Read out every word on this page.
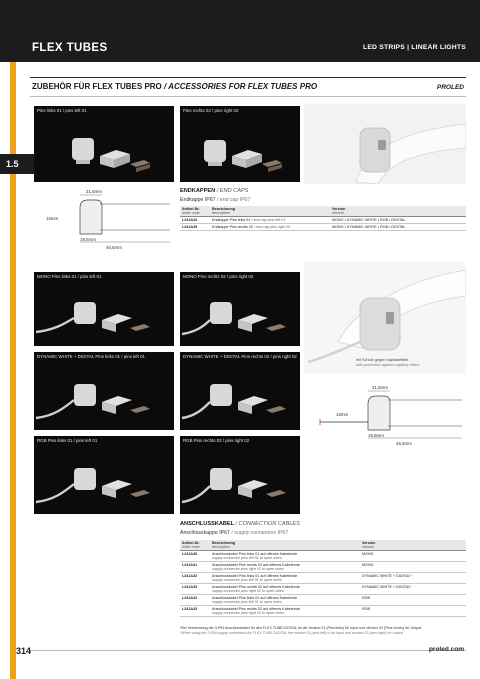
FLEX TUBES	LED STRIPS | LINEAR LIGHTS
1.5
ZUBEHÖR FÜR FLEX TUBES PRO / ACCESSORIES FOR FLEX TUBES PRO	PROLED
Pins links 01 / pins left 01	Pins rechts 02 / pins right 02
21,5mm
16mm
19,5mm
46,5mm
ENDKAPPEN / END CAPS
Endkappe IP67 / end cap IP67
Artikel-Nr.
order code	Bezeichnung
description	Version
version

L241A34	Endkappe Pins links 01 / end cap pins left 01	MONO • DYNAMIC WHITE • RGB • DIGITAL
L241A35	Endkappe Pins rechts 02 / end cap pins right 02	MONO • DYNAMIC WHITE • RGB • DIGITAL
MONO Pins links 01 / pins left 01	MONO Pins rechts 02 / pins right 02
DYNAMIC WHITE + DIGITAL Pins links 01 / pins left 01	DYNAMIC WHITE + DIGITAL Pins rechts 02 / pins right 02
RGB Pins links 01 / pins left 01	RGB Pins rechts 02 / pins right 02
mit Schutz gegen Kapillareffekt
with protection against capillary effect
21,5mm
16mm
19,5mm
46,5mm
ANSCHLUSSKABEL / CONNECTION CABLES
Anschlusskappe IP67 / supply connectors IP67
Artikel-Nr.
order code	Bezeichnung
description	Version
version

L241A30	Anschlusskabel Pins links 01 auf offenes Kabelende
supply connector pins left 01 to open wires	MONO
L241A31	Anschlusskabel Pins rechts 02 auf offenes Kabelende
supply connector pins right 02 to open wires	MONO
L241A32	Anschlusskabel Pins links 01 auf offenes Kabelende
supply connector pins left 01 to open wires	DYNAMIC WHITE + DIGITAL*
L241A33	Anschlusskabel Pins rechts 02 auf offenes Kabelende
supply connector pins right 02 to open wires	DYNAMIC WHITE + DIGITAL*
L241A32	Anschlusskabel Pins links 01 auf offenes Kabelende
supply connector pins left 01 to open wires	RGB
L241A33	Anschlusskabel Pins rechts 02 auf offenes Kabelende
supply connector pins right 02 to open wires	RGB
*Bei Verwendung der 3-PIN Anschlusskabel für den FLEX TUBE DIGITAL ist die Version 01 (Pins links) für Input und Version 02 (Pins rechts) für Output.
*When using the 3-PIN supply connectors for FLEX TUBE DIGITAL the version 01 (pins left) is for input and version 02 (pins right) for output.
314	proled.com
